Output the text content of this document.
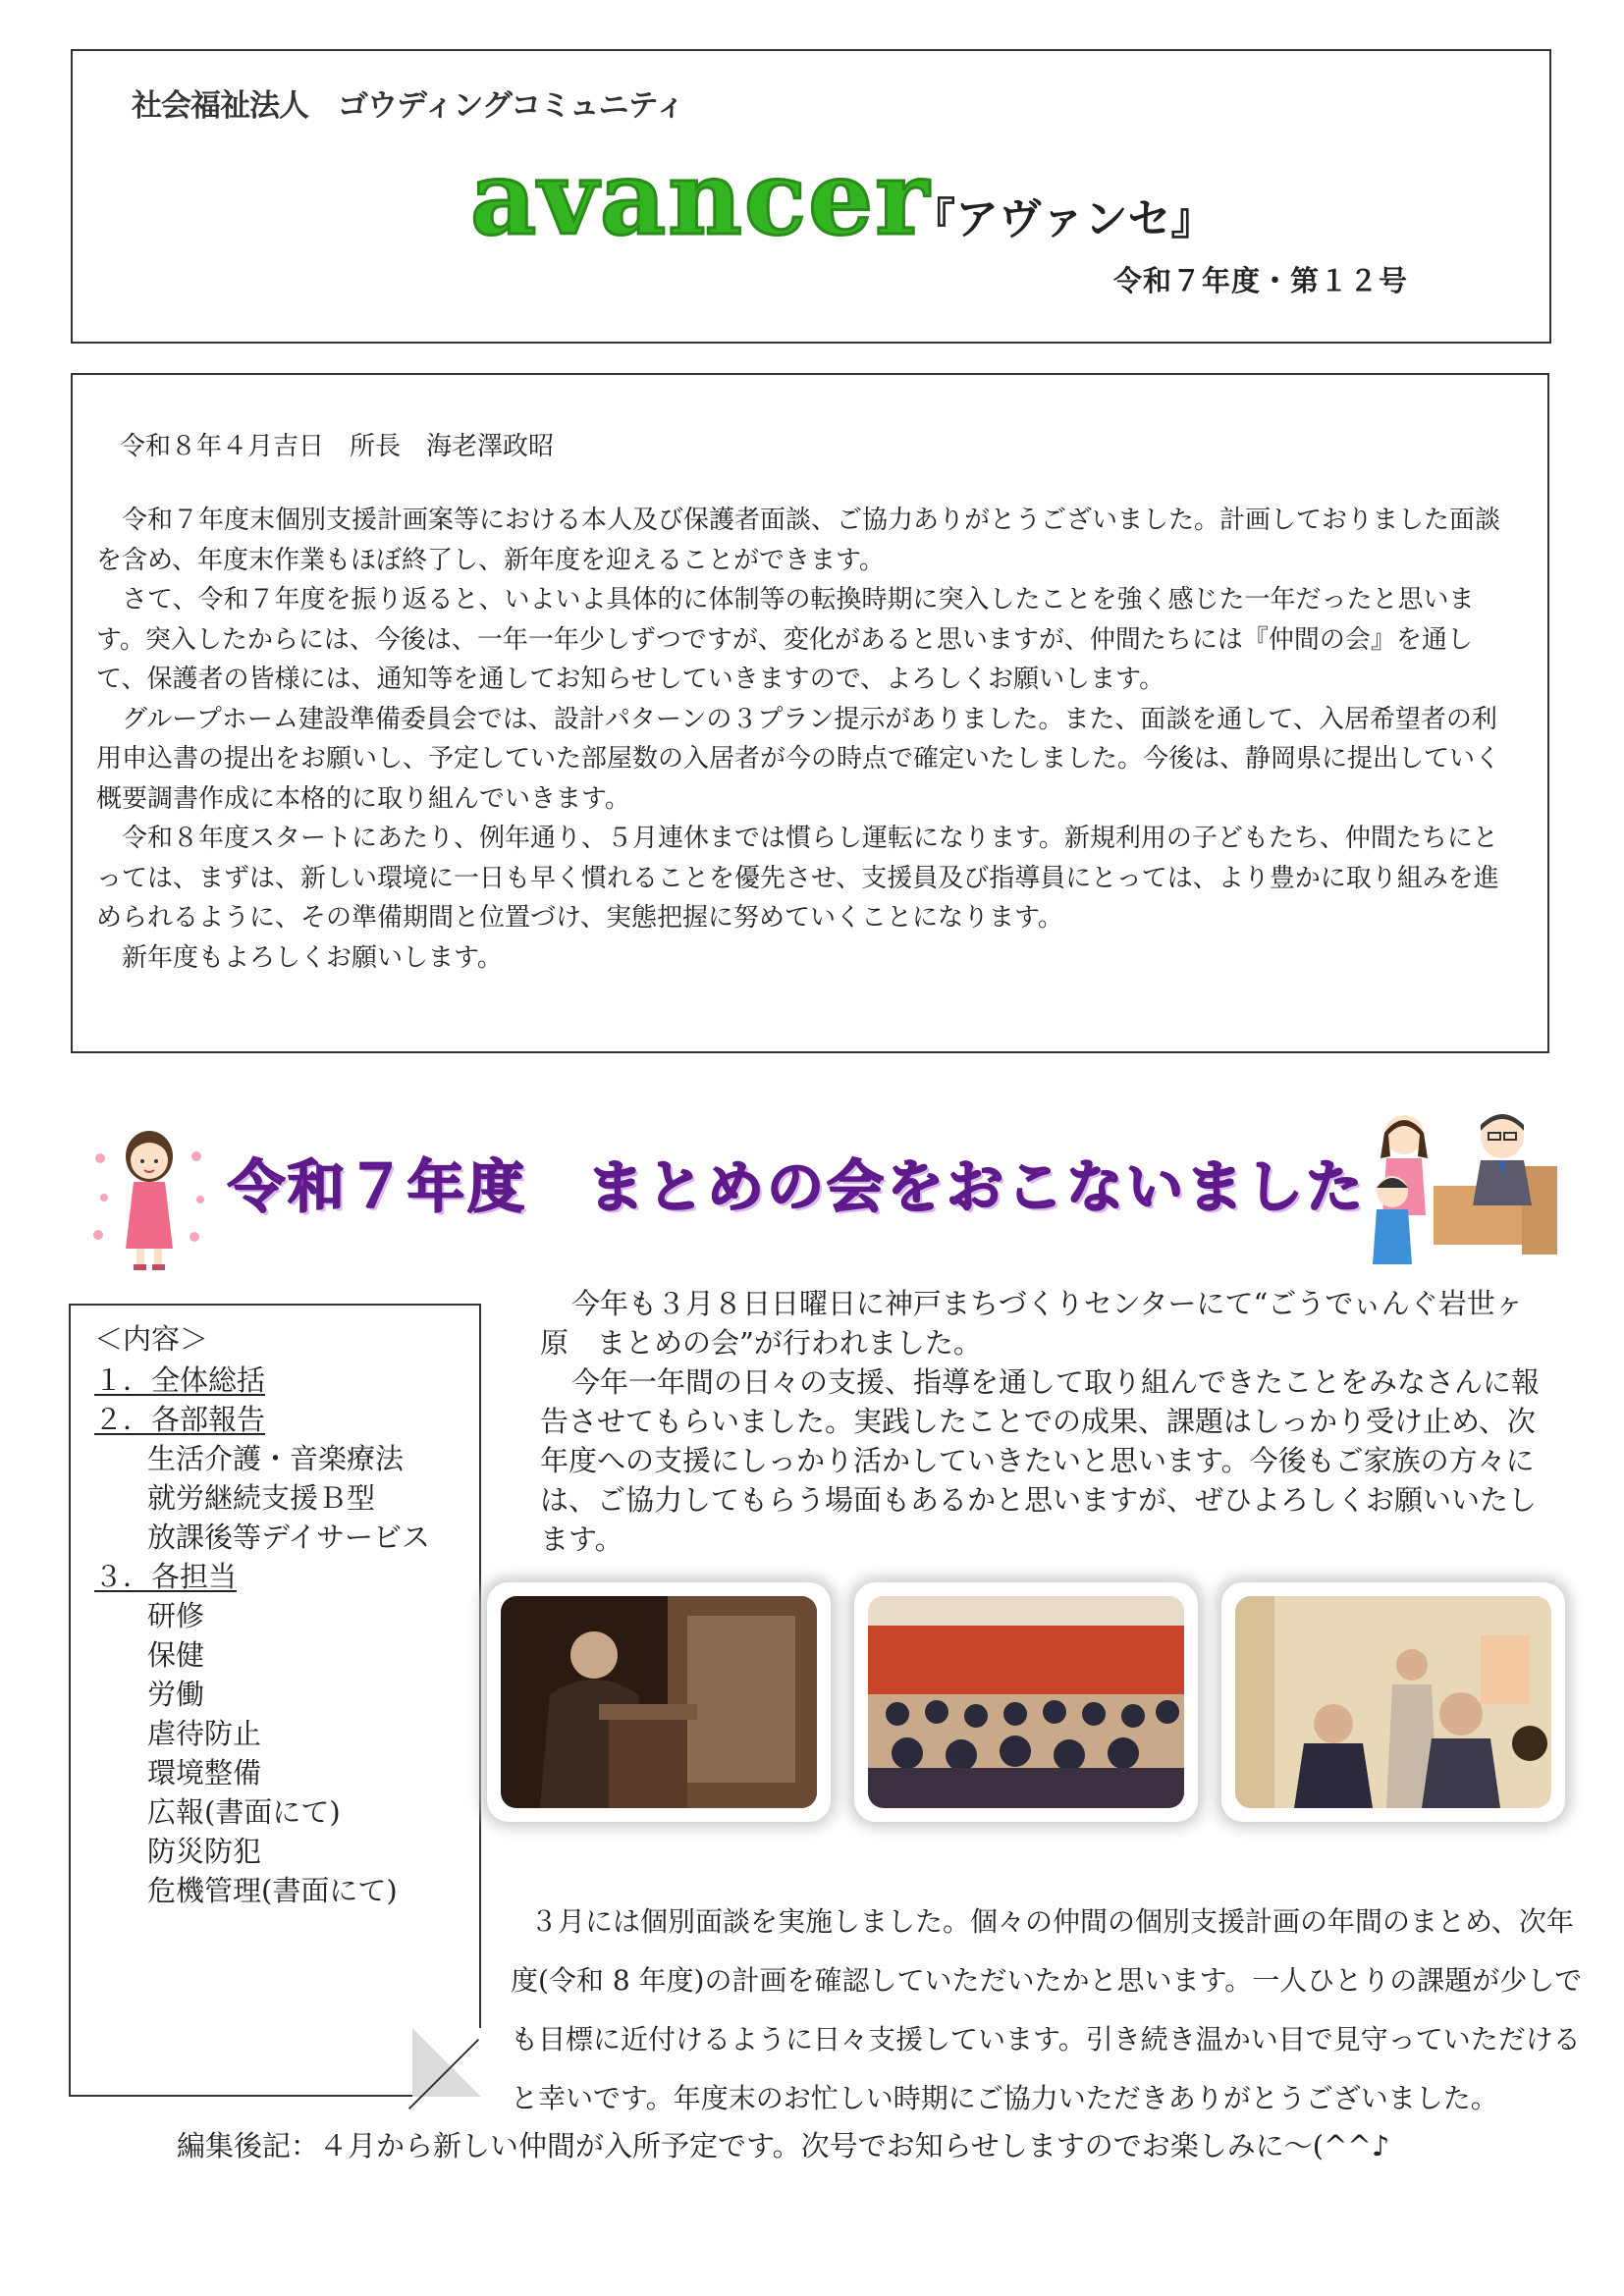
社会福祉法人　ゴウディングコミュニティ
avancer
『アヴァンセ』
令和７年度・第１２号
令和８年４月吉日　所長　海老澤政昭

令和７年度末個別支援計画案等における本人及び保護者面談、ご協力ありがとうございました。計画しておりました面談を含め、年度末作業もほぼ終了し、新年度を迎えることができます。

さて、令和７年度を振り返ると、いよいよ具体的に体制等の転換時期に突入したことを強く感じた一年だったと思います。突入したからには、今後は、一年一年少しずつですが、変化があると思いますが、仲間たちには『仲間の会』を通して、保護者の皆様には、通知等を通してお知らせしていきますので、よろしくお願いします。

グループホーム建設準備委員会では、設計パターンの３プラン提示がありました。また、面談を通して、入居希望者の利用申込書の提出をお願いし、予定していた部屋数の入居者が今の時点で確定いたしました。今後は、静岡県に提出していく概要調書作成に本格的に取り組んでいきます。

令和８年度スタートにあたり、例年通り、５月連休までは慣らし運転になります。新規利用の子どもたち、仲間たちにとっては、まずは、新しい環境に一日も早く慣れることを優先させ、支援員及び指導員にとっては、より豊かに取り組みを進められるように、その準備期間と位置づけ、実態把握に努めていくことになります。

新年度もよろしくお願いします。

令和７年度　まとめの会をおこないました
＜内容＞
１．全体総括
２．各部報告
生活介護・音楽療法
就労継続支援Ｂ型
放課後等デイサービス
３．各担当
研修
保健
労働
虐待防止
環境整備
広報(書面にて)
防災防犯
危機管理(書面にて)

今年も３月８日日曜日に神戸まちづくりセンターにて“ごうでぃんぐ岩世ヶ原　まとめの会”が行われました。

今年一年間の日々の支援、指導を通して取り組んできたことをみなさんに報告させてもらいました。実践したことでの成果、課題はしっかり受け止め、次年度への支援にしっかり活かしていきたいと思います。今後もご家族の方々には、ご協力してもらう場面もあるかと思いますが、ぜひよろしくお願いいたします。

３月には個別面談を実施しました。個々の仲間の個別支援計画の年間のまとめ、次年度(令和 8 年度)の計画を確認していただいたかと思います。一人ひとりの課題が少しでも目標に近付けるように日々支援しています。引き続き温かい目で見守っていただけると幸いです。年度末のお忙しい時期にご協力いただきありがとうございました。

編集後記：４月から新しい仲間が入所予定です。次号でお知らせしますのでお楽しみに〜(^^♪
